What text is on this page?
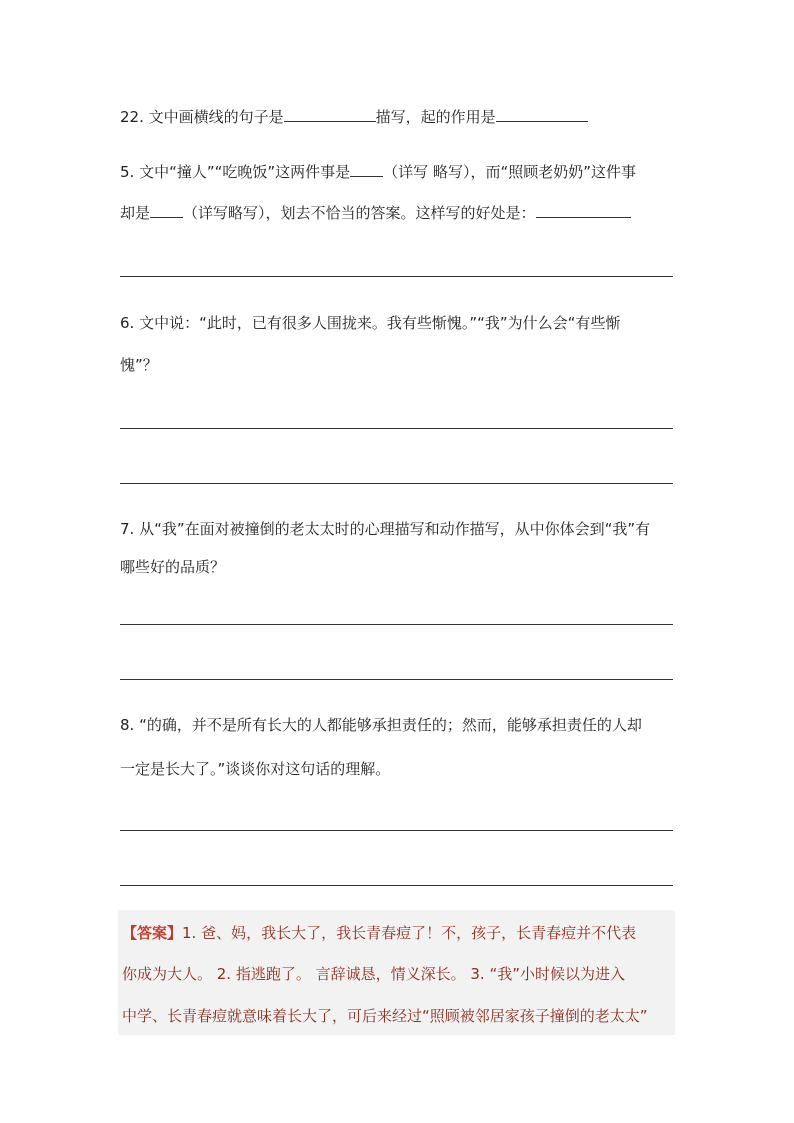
22. 文中画横线的句子是	描写，起的作用是
5. 文中“撞人”“吃晚饭”这两件事是 （详写 略写），而“照顾老奶奶”这件事
却是 （详写略写），划去不恰当的答案。这样写的好处是：
6. 文中说：“此时，已有很多人围拢来。我有些惭愧。”“我”为什么会“有些惭
愧”？
7. 从“我”在面对被撞倒的老太太时的心理描写和动作描写，从中你体会到“我”有
哪些好的品质？
8. “的确，并不是所有长大的人都能够承担责任的；然而，能够承担责任的人却
一定是长大了。”谈谈你对这句话的理解。
【答案】1. 爸、妈，我长大了，我长青春痘了！不，孩子，长青春痘并不代表
你成为大人。 2. 指逃跑了。 言辞诚恳，情义深长。 3. “我”小时候以为进入
中学、长青春痘就意味着长大了，可后来经过“照顾被邻居家孩子撞倒的老太太”
